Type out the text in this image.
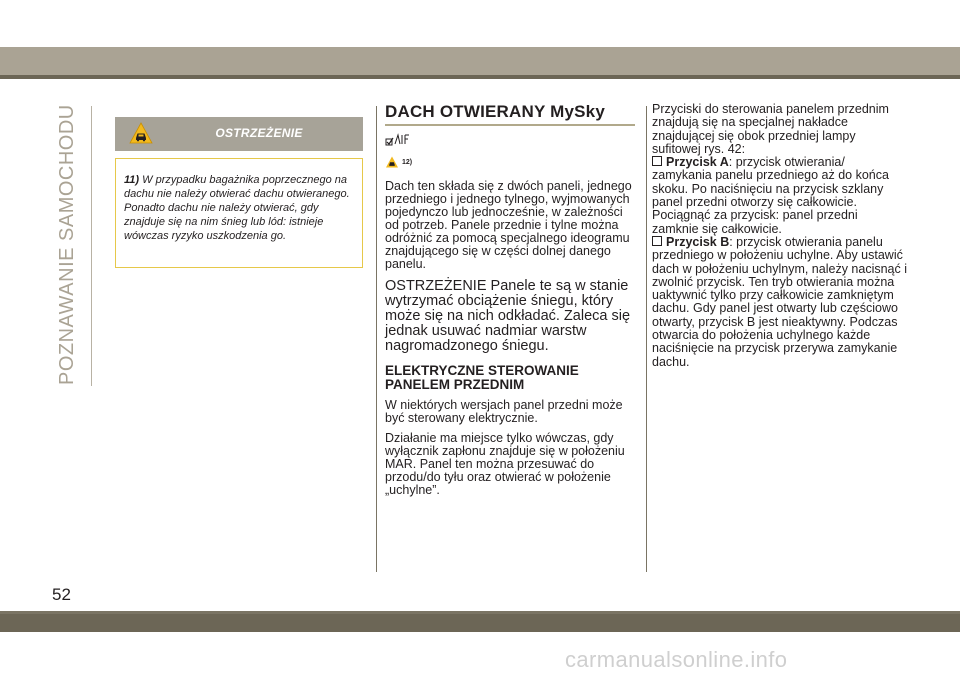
POZNAWANIE SAMOCHODU	OSTRZEŻENIE
11) W przypadku bagażnika poprzecznego na dachu nie należy otwierać dachu otwieranego. Ponadto dachu nie należy otwierać, gdy znajduje się na nim śnieg lub lód: istnieje wówczas ryzyko uszkodzenia go.
DACH OTWIERANY MySky
12)

Dach ten składa się z dwóch paneli, jednego przedniego i jednego tylnego, wyjmowanych pojedynczo lub jednocześnie, w zależności od potrzeb. Panele przednie i tylne można odróżnić za pomocą specjalnego ideogramu znajdującego się w części dolnej danego panelu.

OSTRZEŻENIE Panele te są w stanie wytrzymać obciążenie śniegu, który może się na nich odkładać. Zaleca się jednak usuwać nadmiar warstw nagromadzonego śniegu.

ELEKTRYCZNE STEROWANIE PANELEM PRZEDNIM

W niektórych wersjach panel przedni może być sterowany elektrycznie.

Działanie ma miejsce tylko wówczas, gdy wyłącznik zapłonu znajduje się w położeniu MAR. Panel ten można przesuwać do przodu/do tyłu oraz otwierać w położenie „uchylne”.

Przyciski do sterowania panelem przednim znajdują się na specjalnej nakładce znajdującej się obok przedniej lampy sufitowej rys. 42:
Przycisk A: przycisk otwierania/ zamykania panelu przedniego aż do końca skoku. Po naciśnięciu na przycisk szklany panel przedni otworzy się całkowicie. Pociągnąć za przycisk: panel przedni zamknie się całkowicie.
Przycisk B: przycisk otwierania panelu przedniego w położeniu uchylne. Aby ustawić dach w położeniu uchylnym, należy nacisnąć i zwolnić przycisk. Ten tryb otwierania można uaktywnić tylko przy całkowicie zamkniętym dachu. Gdy panel jest otwarty lub częściowo otwarty, przycisk B jest nieaktywny. Podczas otwarcia do położenia uchylnego każde naciśnięcie na przycisk przerywa zamykanie dachu.
52
carmanualsonline.info
